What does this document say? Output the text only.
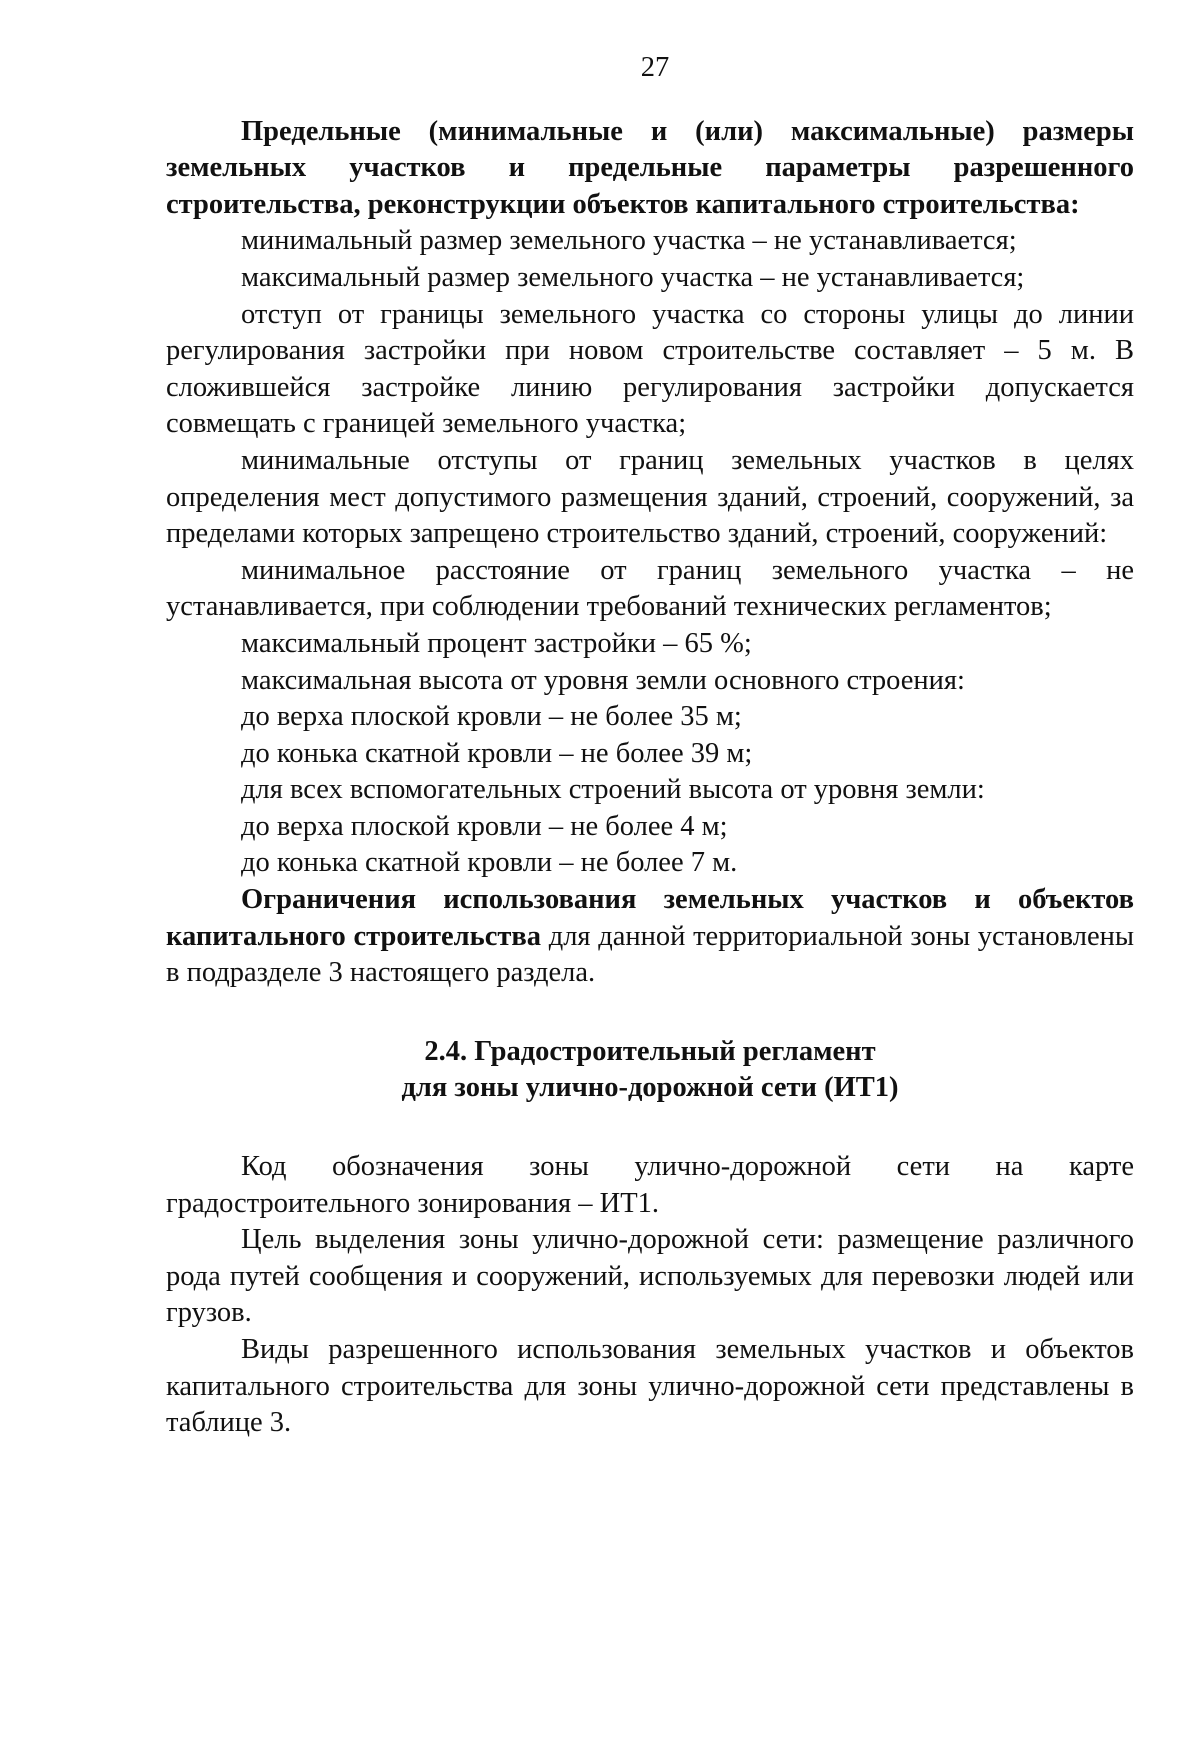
27

Предельные (минимальные и (или) максимальные) размеры земельных участков и предельные параметры разрешенного строительства, реконструкции объектов капитального строительства:

минимальный размер земельного участка – не устанавливается;

максимальный размер земельного участка – не устанавливается;

отступ от границы земельного участка со стороны улицы до линии регулирования застройки при новом строительстве составляет – 5 м. В сложившейся застройке линию регулирования застройки допускается совмещать с границей земельного участка;

минимальные отступы от границ земельных участков в целях определения мест допустимого размещения зданий, строений, сооружений, за пределами которых запрещено строительство зданий, строений, сооружений:

минимальное расстояние от границ земельного участка – не устанавливается, при соблюдении требований технических регламентов;

максимальный процент застройки – 65 %;

максимальная высота от уровня земли основного строения:

до верха плоской кровли – не более 35 м;

до конька скатной кровли – не более 39 м;

для всех вспомогательных строений высота от уровня земли:

до верха плоской кровли – не более 4 м;

до конька скатной кровли – не более 7 м.

Ограничения использования земельных участков и объектов капитального строительства для данной территориальной зоны установлены в подразделе 3 настоящего раздела.

2.4. Градостроительный регламент
для зоны улично-дорожной сети (ИТ1)

Код обозначения зоны улично-дорожной сети на карте градостроительного зонирования – ИТ1.

Цель выделения зоны улично-дорожной сети: размещение различного рода путей сообщения и сооружений, используемых для перевозки людей или грузов.

Виды разрешенного использования земельных участков и объектов капитального строительства для зоны улично-дорожной сети представлены в таблице 3.
